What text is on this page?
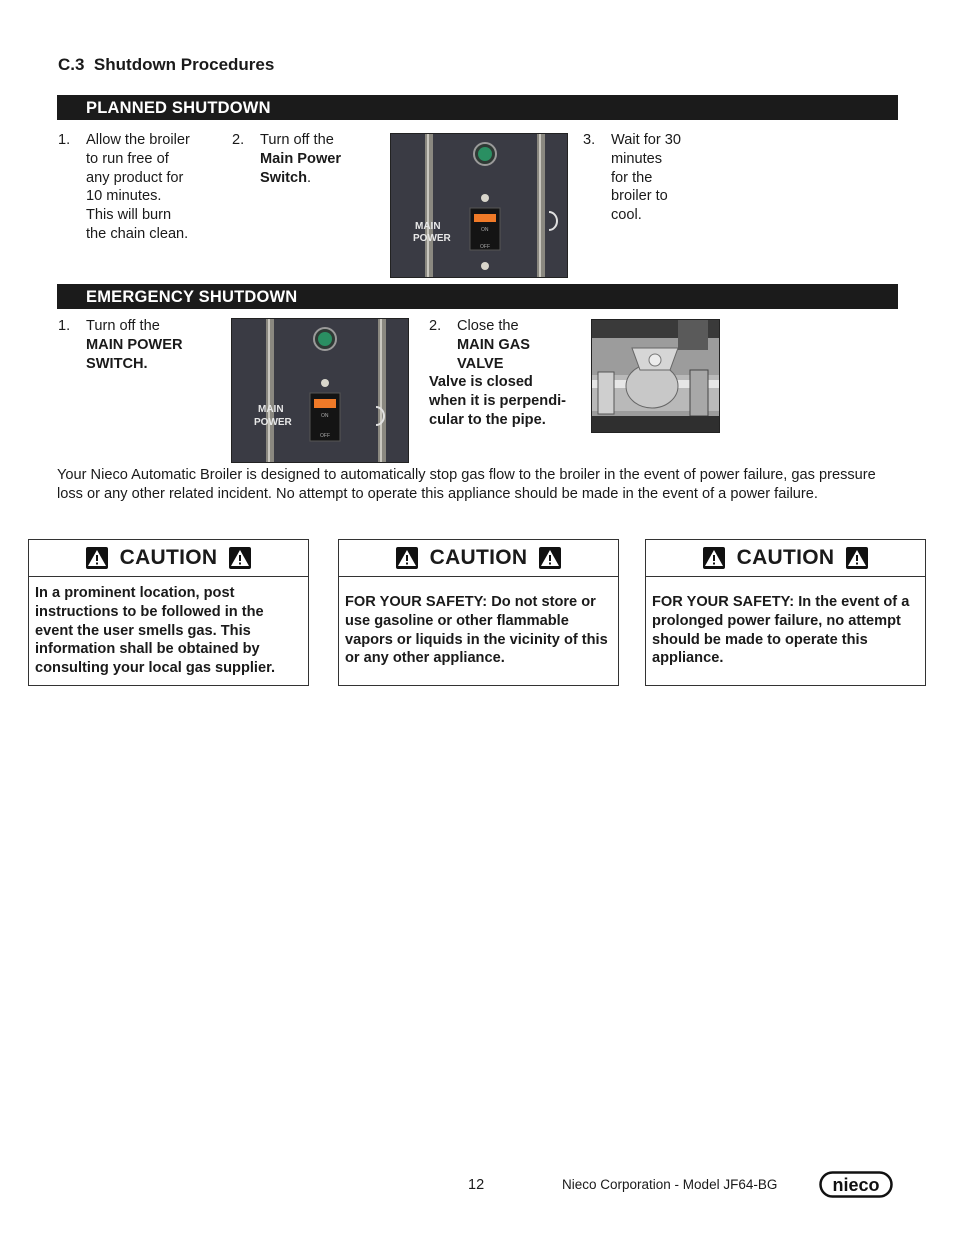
C.3 Shutdown Procedures
PLANNED SHUTDOWN
1. Allow the broiler
to run free of
any product for
10 minutes.
This will burn
the chain clean.
2. Turn off the
Main Power
Switch.
MAIN
POWER
ON
OFF
3. Wait for 30
minutes
for the
broiler to
cool.
EMERGENCY SHUTDOWN
1. Turn off the
MAIN POWER
SWITCH.
MAIN
POWER
ON
OFF
2. Close the
MAIN GAS
VALVE
Valve is closed
when it is perpendi-
cular to the pipe.
Your Nieco Automatic Broiler is designed to automatically stop gas flow to the broiler in the event of power failure, gas pressure loss or any other related incident. No attempt to operate this appliance should be made in the event of a power failure.
CAUTION
In a prominent location, post instructions to be followed in the event the user smells gas. This information shall be obtained by consulting your local gas supplier.
CAUTION
FOR YOUR SAFETY: Do not store or use gasoline or other flammable vapors or liquids in the vicinity of this or any other appliance.
CAUTION
FOR YOUR SAFETY: In the event of a prolonged power failure, no attempt should be made to operate this appliance.
12	Nieco Corporation - Model JF64-BG	nieco
